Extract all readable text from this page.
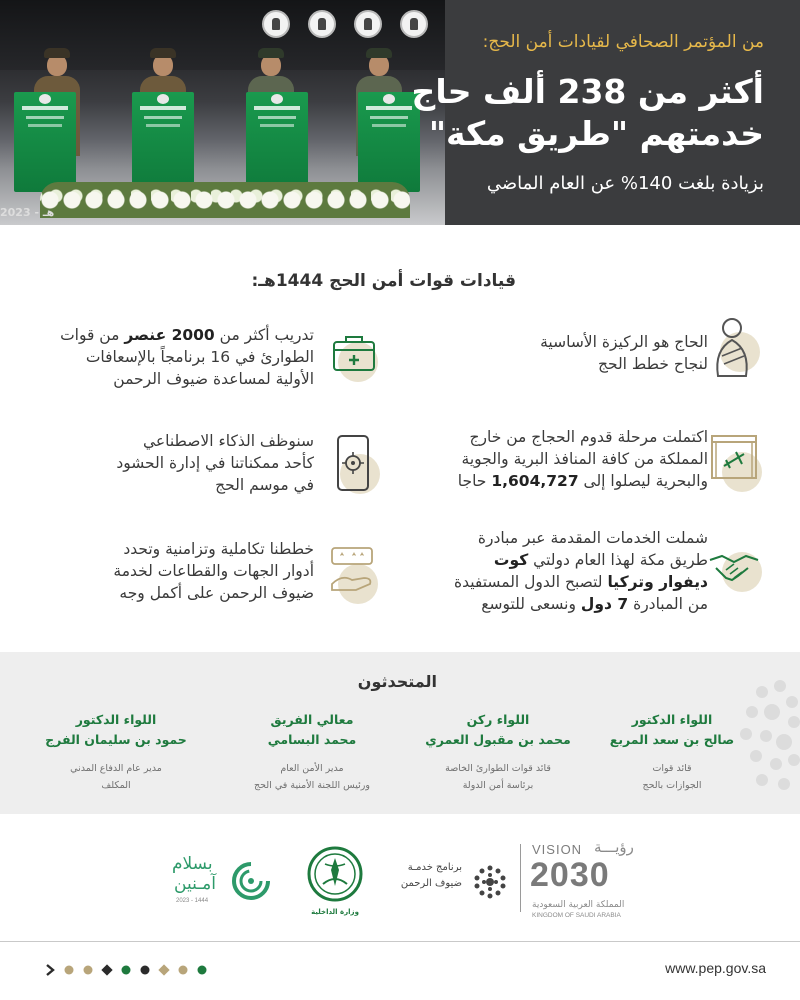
2023 - هـ
من المؤتمر الصحافي لقيادات أمن الحج:
أكثر من 238 ألف حاج
خدمتهم "طريق مكة"
بزيادة بلغت 140% عن العام الماضي
قيادات قوات أمن الحج 1444هـ:
الحاج هو الركيزة الأساسية
لنجاح خطط الحج
تدريب أكثر من 2000 عنصر من قوات
الطوارئ في 16 برنامجاً بالإسعافات
الأولية لمساعدة ضيوف الرحمن
اكتملت مرحلة قدوم الحجاج من خارج
المملكة من كافة المنافذ البرية والجوية
والبحرية ليصلوا إلى 1,604,727 حاجا
سنوظف الذكاء الاصطناعي
كأحد ممكناتنا في إدارة الحشود
في موسم الحج
شملت الخدمات المقدمة عبر مبادرة
طريق مكة لهذا العام دولتي كوت
ديفوار وتركيا لتصبح الدول المستفيدة
من المبادرة 7 دول ونسعى للتوسع
خططنا تكاملية وتزامنية وتحدد
أدوار الجهات والقطاعات لخدمة
ضيوف الرحمن على أكمل وجه
المتحدثون
اللواء الدكتور
صالح بن سعد المربع
قائد قوات
الجوازات بالحج
اللواء ركن
محمد بن مقبول العمري
قائد قوات الطوارئ الخاصة
برئاسة أمن الدولة
معالي الفريق
محمد البسامي
مدير الأمن العام
ورئيس اللجنة الأمنية في الحج
اللواء الدكتور
حمود بن سليمان الفرج
مدير عام الدفاع المدني
المكلف
VISION رؤيـــة
2030
المملكة العربية السعودية
KINGDOM OF SAUDI ARABIA
برنامج خدمـة
ضيوف الرحمن
وزارة الداخلية
بسلام
آمـنين
2023 - 1444
www.pep.gov.sa
